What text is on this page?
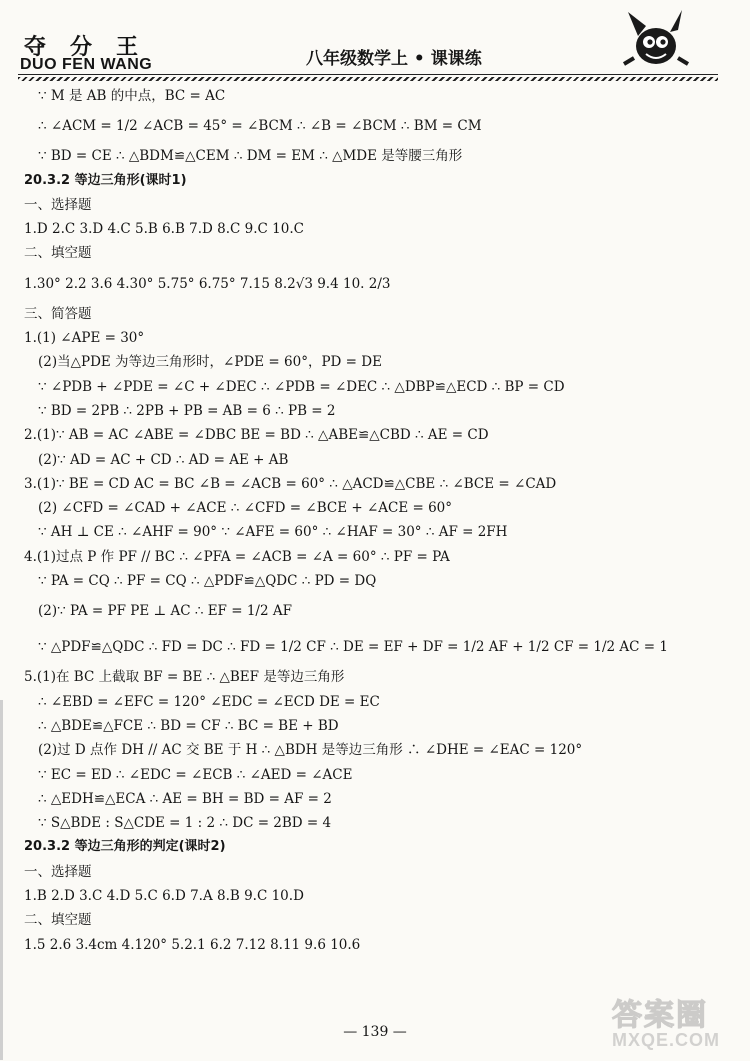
夺分王
DUO FEN WANG	八年级数学上 • 课课练
∵ M 是 AB 的中点，BC = AC
∴ ∠ACM = 1/2 ∠ACB = 45° = ∠BCM ∴ ∠B = ∠BCM ∴ BM = CM
∵ BD = CE ∴ △BDM≌△CEM ∴ DM = EM ∴ △MDE 是等腰三角形
20.3.2 等边三角形(课时1)
一、选择题
1.D 2.C 3.D 4.C 5.B 6.B 7.D 8.C 9.C 10.C
二、填空题
1.30° 2.2 3.6 4.30° 5.75° 6.75° 7.15 8.2√3 9.4 10. 2/3
三、简答题
1.(1) ∠APE = 30°
(2)当△PDE 为等边三角形时，∠PDE = 60°，PD = DE
∵ ∠PDB + ∠PDE = ∠C + ∠DEC ∴ ∠PDB = ∠DEC ∴ △DBP≌△ECD ∴ BP = CD
∵ BD = 2PB ∴ 2PB + PB = AB = 6 ∴ PB = 2
2.(1)∵ AB = AC ∠ABE = ∠DBC BE = BD ∴ △ABE≌△CBD ∴ AE = CD
(2)∵ AD = AC + CD ∴ AD = AE + AB
3.(1)∵ BE = CD AC = BC ∠B = ∠ACB = 60° ∴ △ACD≌△CBE ∴ ∠BCE = ∠CAD
(2) ∠CFD = ∠CAD + ∠ACE ∴ ∠CFD = ∠BCE + ∠ACE = 60°
∵ AH ⊥ CE ∴ ∠AHF = 90° ∵ ∠AFE = 60° ∴ ∠HAF = 30° ∴ AF = 2FH
4.(1)过点 P 作 PF // BC ∴ ∠PFA = ∠ACB = ∠A = 60° ∴ PF = PA
∵ PA = CQ ∴ PF = CQ ∴ △PDF≌△QDC ∴ PD = DQ
(2)∵ PA = PF PE ⊥ AC ∴ EF = 1/2 AF
∵ △PDF≌△QDC ∴ FD = DC ∴ FD = 1/2 CF ∴ DE = EF + DF = 1/2 AF + 1/2 CF = 1/2 AC = 1
5.(1)在 BC 上截取 BF = BE ∴ △BEF 是等边三角形
∴ ∠EBD = ∠EFC = 120° ∠EDC = ∠ECD DE = EC
∴ △BDE≌△FCE ∴ BD = CF ∴ BC = BE + BD
(2)过 D 点作 DH // AC 交 BE 于 H ∴ △BDH 是等边三角形 ∴ ∠DHE = ∠EAC = 120°
∵ EC = ED ∴ ∠EDC = ∠ECB ∴ ∠AED = ∠ACE
∴ △EDH≌△ECA ∴ AE = BH = BD = AF = 2
∵ S△BDE : S△CDE = 1 : 2 ∴ DC = 2BD = 4
20.3.2 等边三角形的判定(课时2)
一、选择题
1.B 2.D 3.C 4.D 5.C 6.D 7.A 8.B 9.C 10.D
二、填空题
1.5 2.6 3.4cm 4.120° 5.2.1 6.2 7.12 8.11 9.6 10.6
— 139 —	答案圈
MXQE.COM
